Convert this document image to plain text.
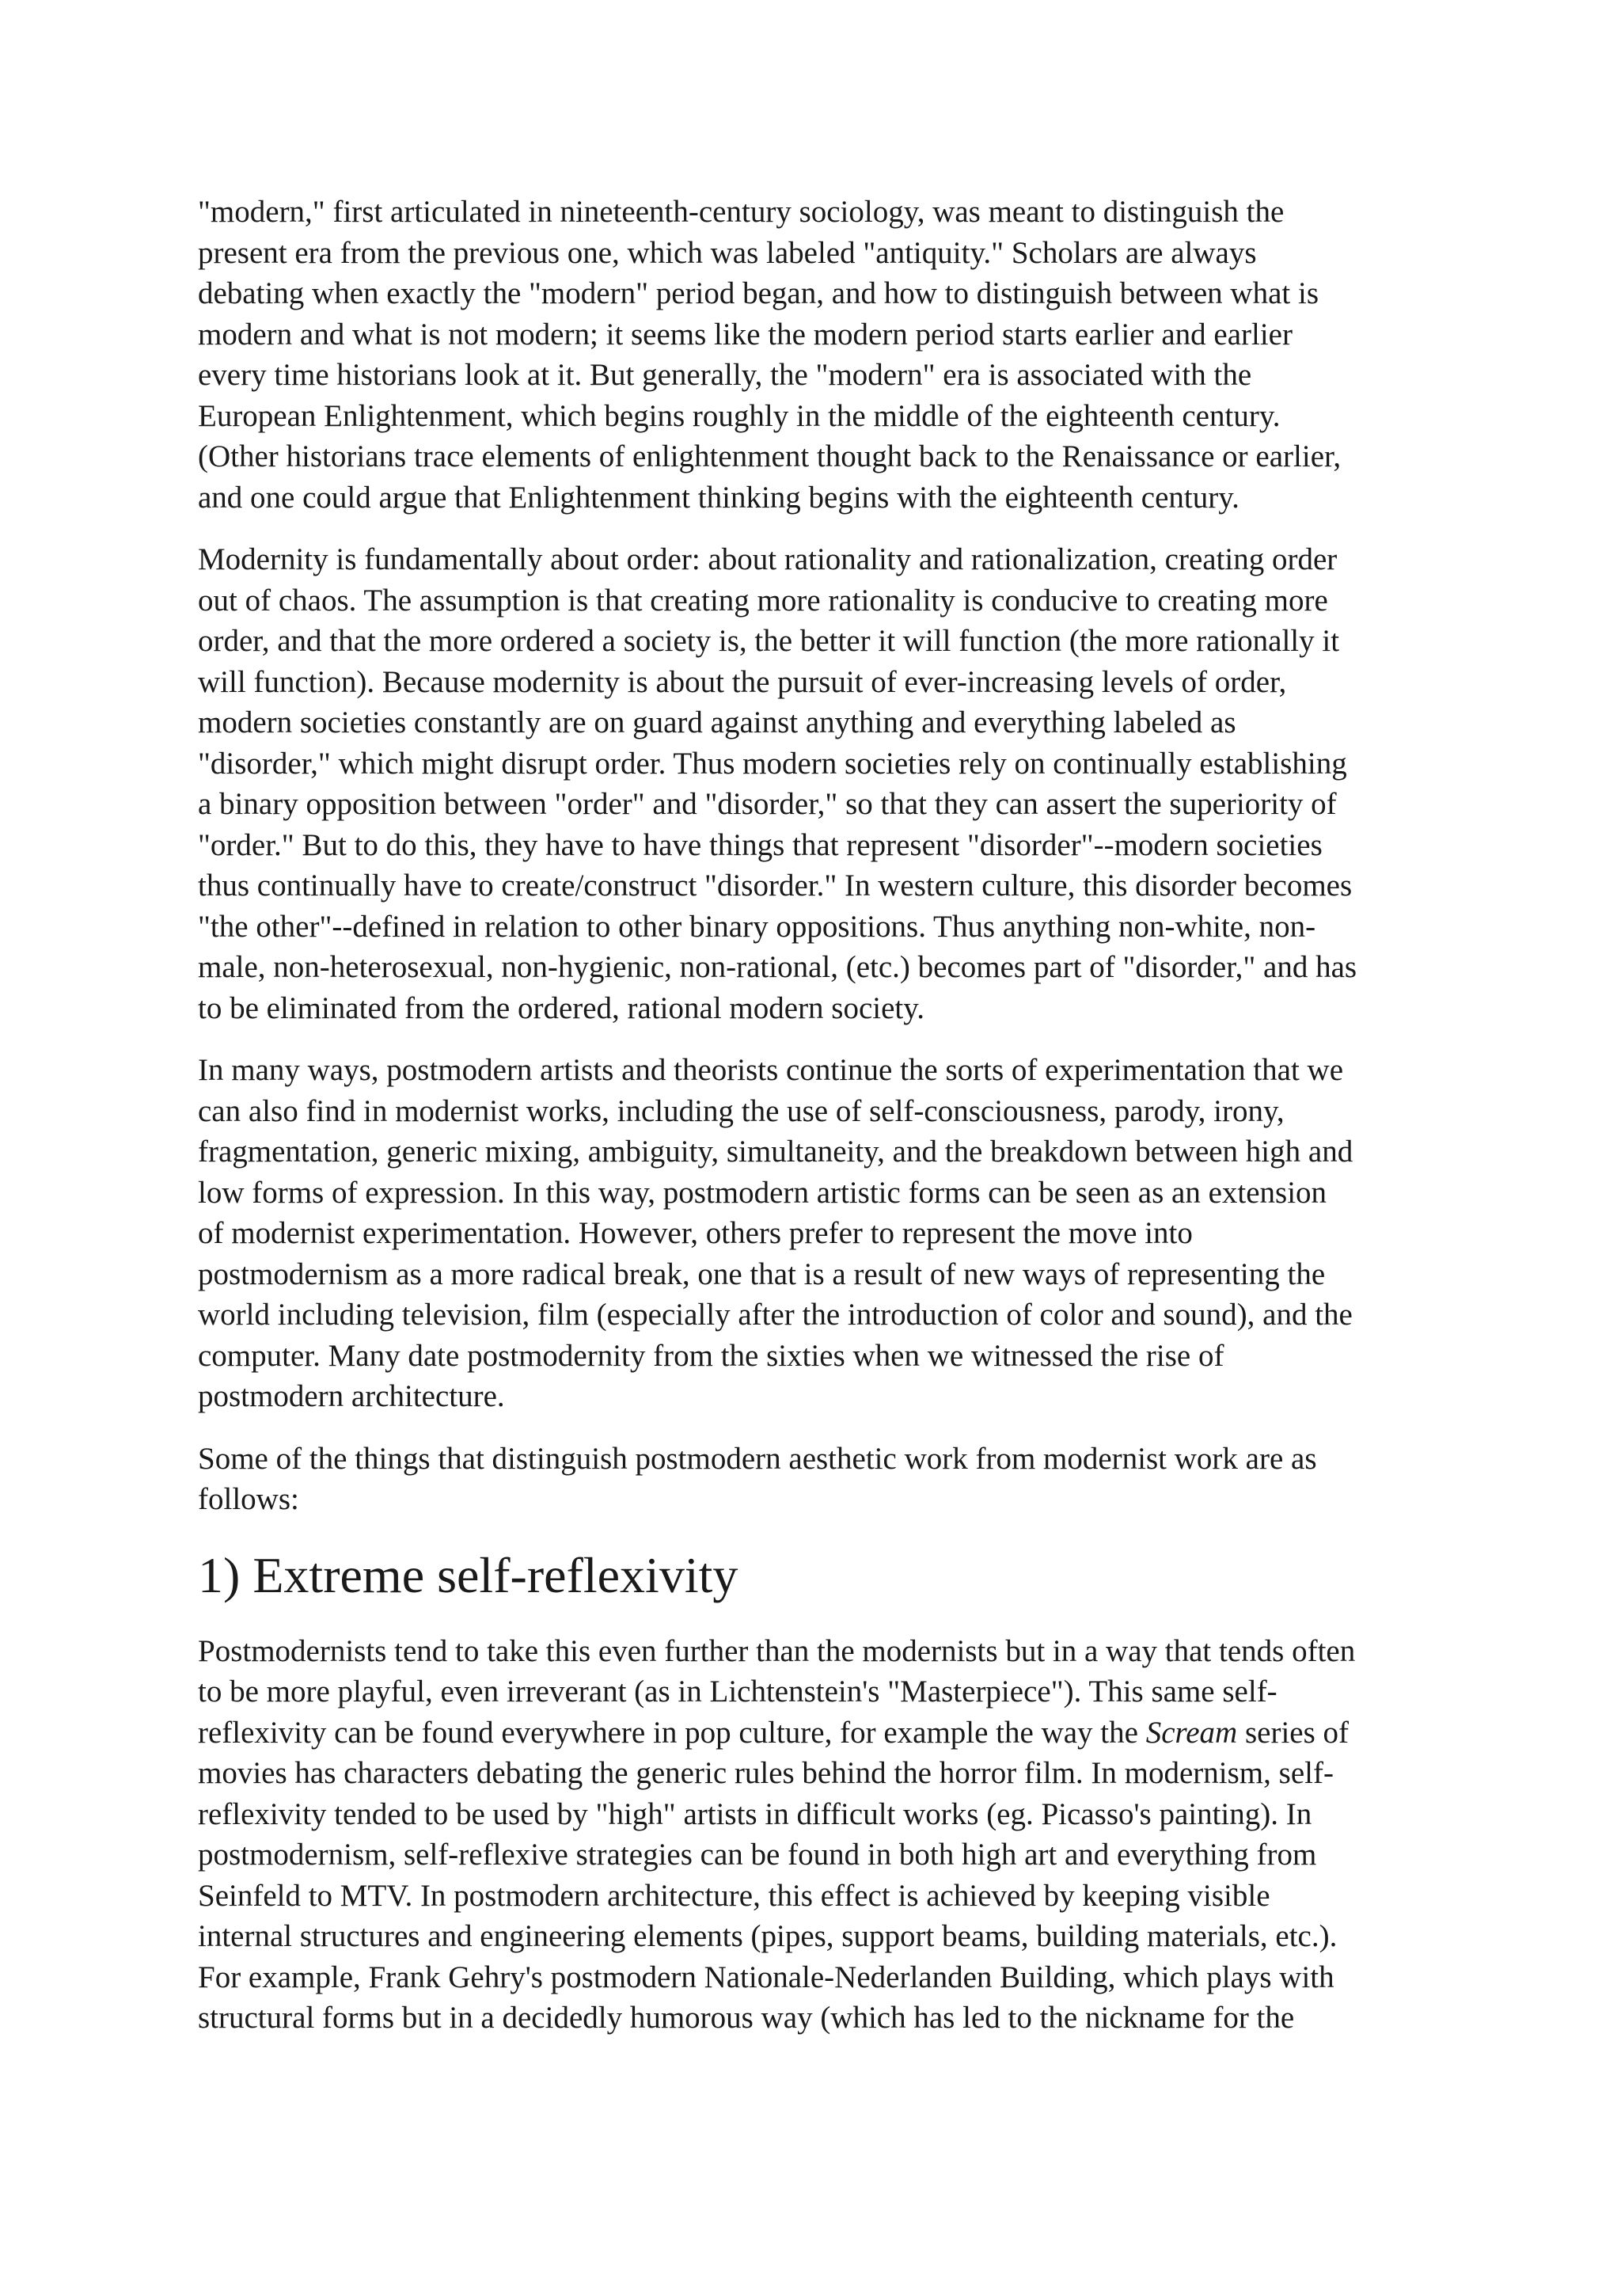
"modern," first articulated in nineteenth-century sociology, was meant to distinguish the
present era from the previous one, which was labeled "antiquity." Scholars are always
debating when exactly the "modern" period began, and how to distinguish between what is
modern and what is not modern; it seems like the modern period starts earlier and earlier
every time historians look at it. But generally, the "modern" era is associated with the
European Enlightenment, which begins roughly in the middle of the eighteenth century.
(Other historians trace elements of enlightenment thought back to the Renaissance or earlier,
and one could argue that Enlightenment thinking begins with the eighteenth century.
Modernity is fundamentally about order: about rationality and rationalization, creating order
out of chaos. The assumption is that creating more rationality is conducive to creating more
order, and that the more ordered a society is, the better it will function (the more rationally it
will function). Because modernity is about the pursuit of ever-increasing levels of order,
modern societies constantly are on guard against anything and everything labeled as
"disorder," which might disrupt order. Thus modern societies rely on continually establishing
a binary opposition between "order" and "disorder," so that they can assert the superiority of
"order." But to do this, they have to have things that represent "disorder"--modern societies
thus continually have to create/construct "disorder." In western culture, this disorder becomes
"the other"--defined in relation to other binary oppositions. Thus anything non-white, non-
male, non-heterosexual, non-hygienic, non-rational, (etc.) becomes part of "disorder," and has
to be eliminated from the ordered, rational modern society.
In many ways, postmodern artists and theorists continue the sorts of experimentation that we
can also find in modernist works, including the use of self-consciousness, parody, irony,
fragmentation, generic mixing, ambiguity, simultaneity, and the breakdown between high and
low forms of expression. In this way, postmodern artistic forms can be seen as an extension
of modernist experimentation. However, others prefer to represent the move into
postmodernism as a more radical break, one that is a result of new ways of representing the
world including television, film (especially after the introduction of color and sound), and the
computer. Many date postmodernity from the sixties when we witnessed the rise of
postmodern architecture.
Some of the things that distinguish postmodern aesthetic work from modernist work are as
follows:
1) Extreme self-reflexivity
Postmodernists tend to take this even further than the modernists but in a way that tends often
to be more playful, even irreverant (as in Lichtenstein's "Masterpiece"). This same self-
reflexivity can be found everywhere in pop culture, for example the way the Scream series of
movies has characters debating the generic rules behind the horror film. In modernism, self-
reflexivity tended to be used by "high" artists in difficult works (eg. Picasso's painting). In
postmodernism, self-reflexive strategies can be found in both high art and everything from
Seinfeld to MTV. In postmodern architecture, this effect is achieved by keeping visible
internal structures and engineering elements (pipes, support beams, building materials, etc.).
For example, Frank Gehry's postmodern Nationale-Nederlanden Building, which plays with
structural forms but in a decidedly humorous way (which has led to the nickname for the
